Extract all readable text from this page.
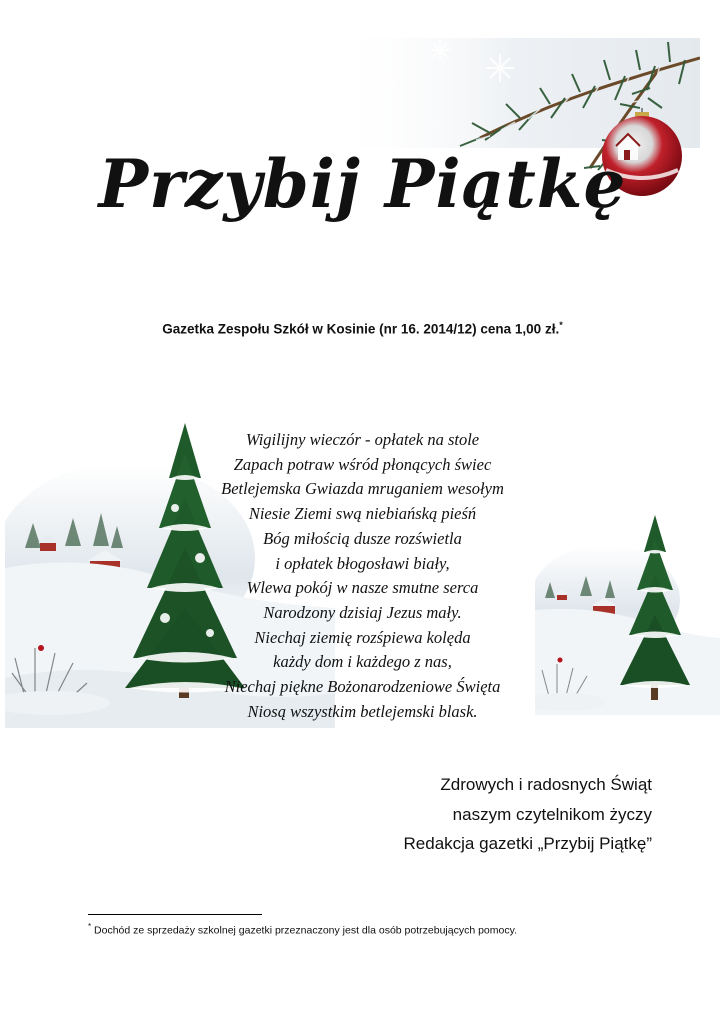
Przybij Piątkę
Gazetka Zespołu Szkół w Kosinie (nr 16. 2014/12) cena 1,00 zł.*
Wigilijny wieczór - opłatek na stole
Zapach potraw wśród płonących świec
Betlejemska Gwiazda mruganiem wesołym
Niesie Ziemi swą niebiańską pieśń
Bóg miłością dusze rozświetla
i opłatek błogosławi biały,
Wlewa pokój w nasze smutne serca
Narodzony dzisiaj Jezus mały.
Niechaj ziemię rozśpiewa kolęda
każdy dom i każdego z nas,
Niechaj piękne Bożonarodzeniowe Święta
Niosą wszystkim betlejemski blask.
Zdrowych i radosnych Świąt
naszym czytelnikom życzy
Redakcja gazetki „Przybij Piątkę”
* Dochód ze sprzedaży szkolnej gazetki przeznaczony jest dla osób potrzebujących pomocy.
